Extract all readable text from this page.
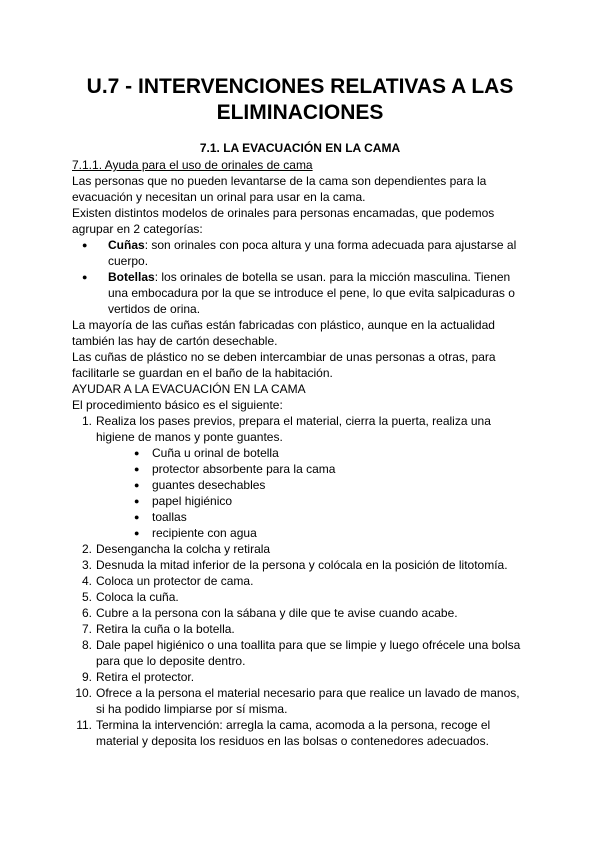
U.7 - INTERVENCIONES RELATIVAS A LAS
ELIMINACIONES
7.1. LA EVACUACIÓN EN LA CAMA

7.1.1. Ayuda para el uso de orinales de cama

Las personas que no pueden levantarse de la cama son dependientes para la evacuación y necesitan un orinal para usar en la cama.

Existen distintos modelos de orinales para personas encamadas, que podemos agrupar en 2 categorías:

● Cuñas: son orinales con poca altura y una forma adecuada para ajustarse al cuerpo.
● Botellas: los orinales de botella se usan. para la micción masculina. Tienen una embocadura por la que se introduce el pene, lo que evita salpicaduras o vertidos de orina.

La mayoría de las cuñas están fabricadas con plástico, aunque en la actualidad también las hay de cartón desechable.

Las cuñas de plástico no se deben intercambiar de unas personas a otras, para facilitarle se guardan en el baño de la habitación.

AYUDAR A LA EVACUACIÓN EN LA CAMA

El procedimiento básico es el siguiente:

1. Realiza los pases previos, prepara el material, cierra la puerta, realiza una higiene de manos y ponte guantes.
● Cuña u orinal de botella
● protector absorbente para la cama
● guantes desechables
● papel higiénico
● toallas
● recipiente con agua
2. Desengancha la colcha y retirala
3. Desnuda la mitad inferior de la persona y colócala en la posición de litotomía.
4. Coloca un protector de cama.
5. Coloca la cuña.
6. Cubre a la persona con la sábana y dile que te avise cuando acabe.
7. Retira la cuña o la botella.
8. Dale papel higiénico o una toallita para que se limpie y luego ofrécele una bolsa para que lo deposite dentro.
9. Retira el protector.
10. Ofrece a la persona el material necesario para que realice un lavado de manos, si ha podido limpiarse por sí misma.
11. Termina la intervención: arregla la cama, acomoda a la persona, recoge el material y deposita los residuos en las bolsas o contenedores adecuados.
